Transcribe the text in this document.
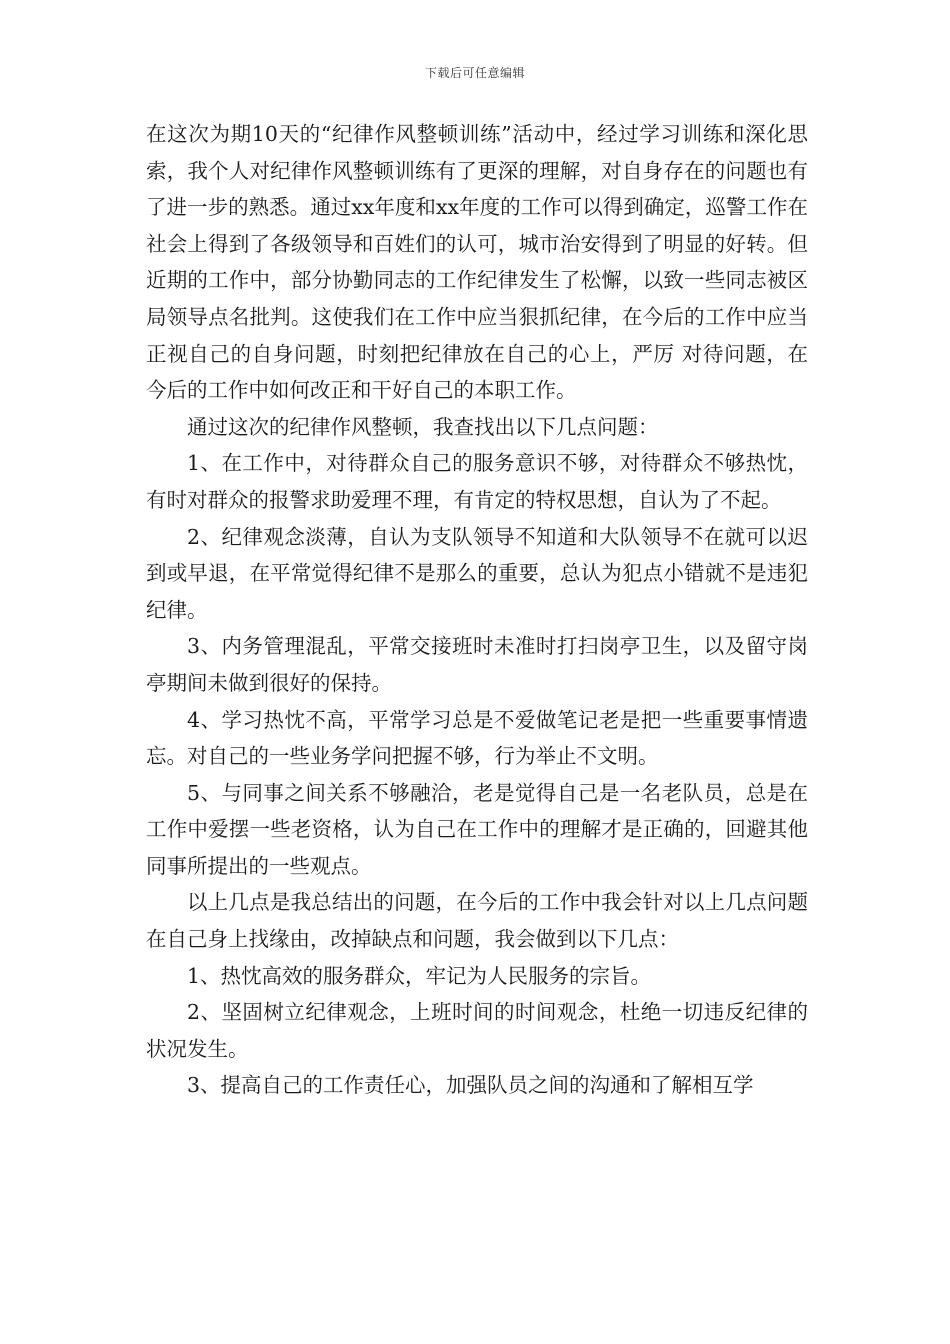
下载后可任意编辑

在这次为期10天的“纪律作风整顿训练”活动中，经过学习训练和深化思索，我个人对纪律作风整顿训练有了更深的理解，对自身存在的问题也有了进一步的熟悉。通过xx年度和xx年度的工作可以得到确定，巡警工作在社会上得到了各级领导和百姓们的认可，城市治安得到了明显的好转。但近期的工作中，部分协勤同志的工作纪律发生了松懈，以致一些同志被区局领导点名批判。这使我们在工作中应当狠抓纪律，在今后的工作中应当正视自己的自身问题，时刻把纪律放在自己的心上，严厉 对待问题，在今后的工作中如何改正和干好自己的本职工作。

通过这次的纪律作风整顿，我查找出以下几点问题：

1、在工作中，对待群众自己的服务意识不够，对待群众不够热忱，有时对群众的报警求助爱理不理，有肯定的特权思想，自认为了不起。

2、纪律观念淡薄，自认为支队领导不知道和大队领导不在就可以迟到或早退，在平常觉得纪律不是那么的重要，总认为犯点小错就不是违犯纪律。

3、内务管理混乱，平常交接班时未准时打扫岗亭卫生，以及留守岗亭期间未做到很好的保持。

4、学习热忱不高，平常学习总是不爱做笔记老是把一些重要事情遗忘。对自己的一些业务学问把握不够，行为举止不文明。

5、与同事之间关系不够融洽，老是觉得自己是一名老队员，总是在工作中爱摆一些老资格，认为自己在工作中的理解才是正确的，回避其他同事所提出的一些观点。

以上几点是我总结出的问题，在今后的工作中我会针对以上几点问题在自己身上找缘由，改掉缺点和问题，我会做到以下几点：

1、热忱高效的服务群众，牢记为人民服务的宗旨。

2、坚固树立纪律观念，上班时间的时间观念，杜绝一切违反纪律的状况发生。

3、提高自己的工作责任心，加强队员之间的沟通和了解相互学
